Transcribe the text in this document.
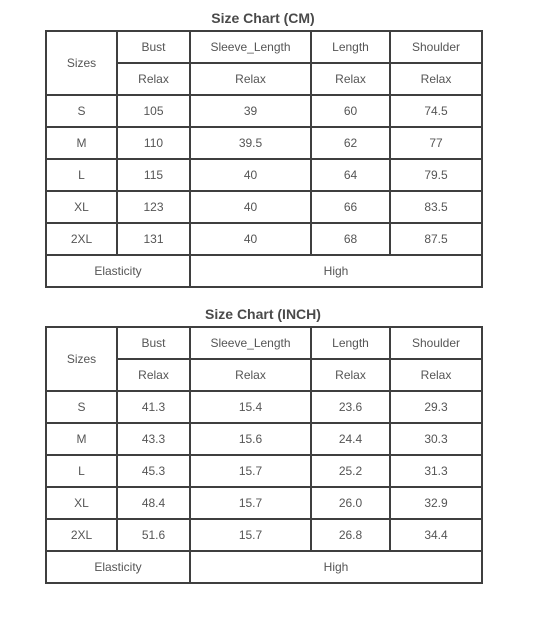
Size Chart (CM)
Sizes	Bust	Sleeve_Length	Length	Shoulder
	Relax	Relax	Relax	Relax
S	105	39	60	74.5
M	110	39.5	62	77
L	115	40	64	79.5
XL	123	40	66	83.5
2XL	131	40	68	87.5
Elasticity		High		
Size Chart (INCH)
Sizes	Bust	Sleeve_Length	Length	Shoulder
	Relax	Relax	Relax	Relax
S	41.3	15.4	23.6	29.3
M	43.3	15.6	24.4	30.3
L	45.3	15.7	25.2	31.3
XL	48.4	15.7	26.0	32.9
2XL	51.6	15.7	26.8	34.4
Elasticity		High		
